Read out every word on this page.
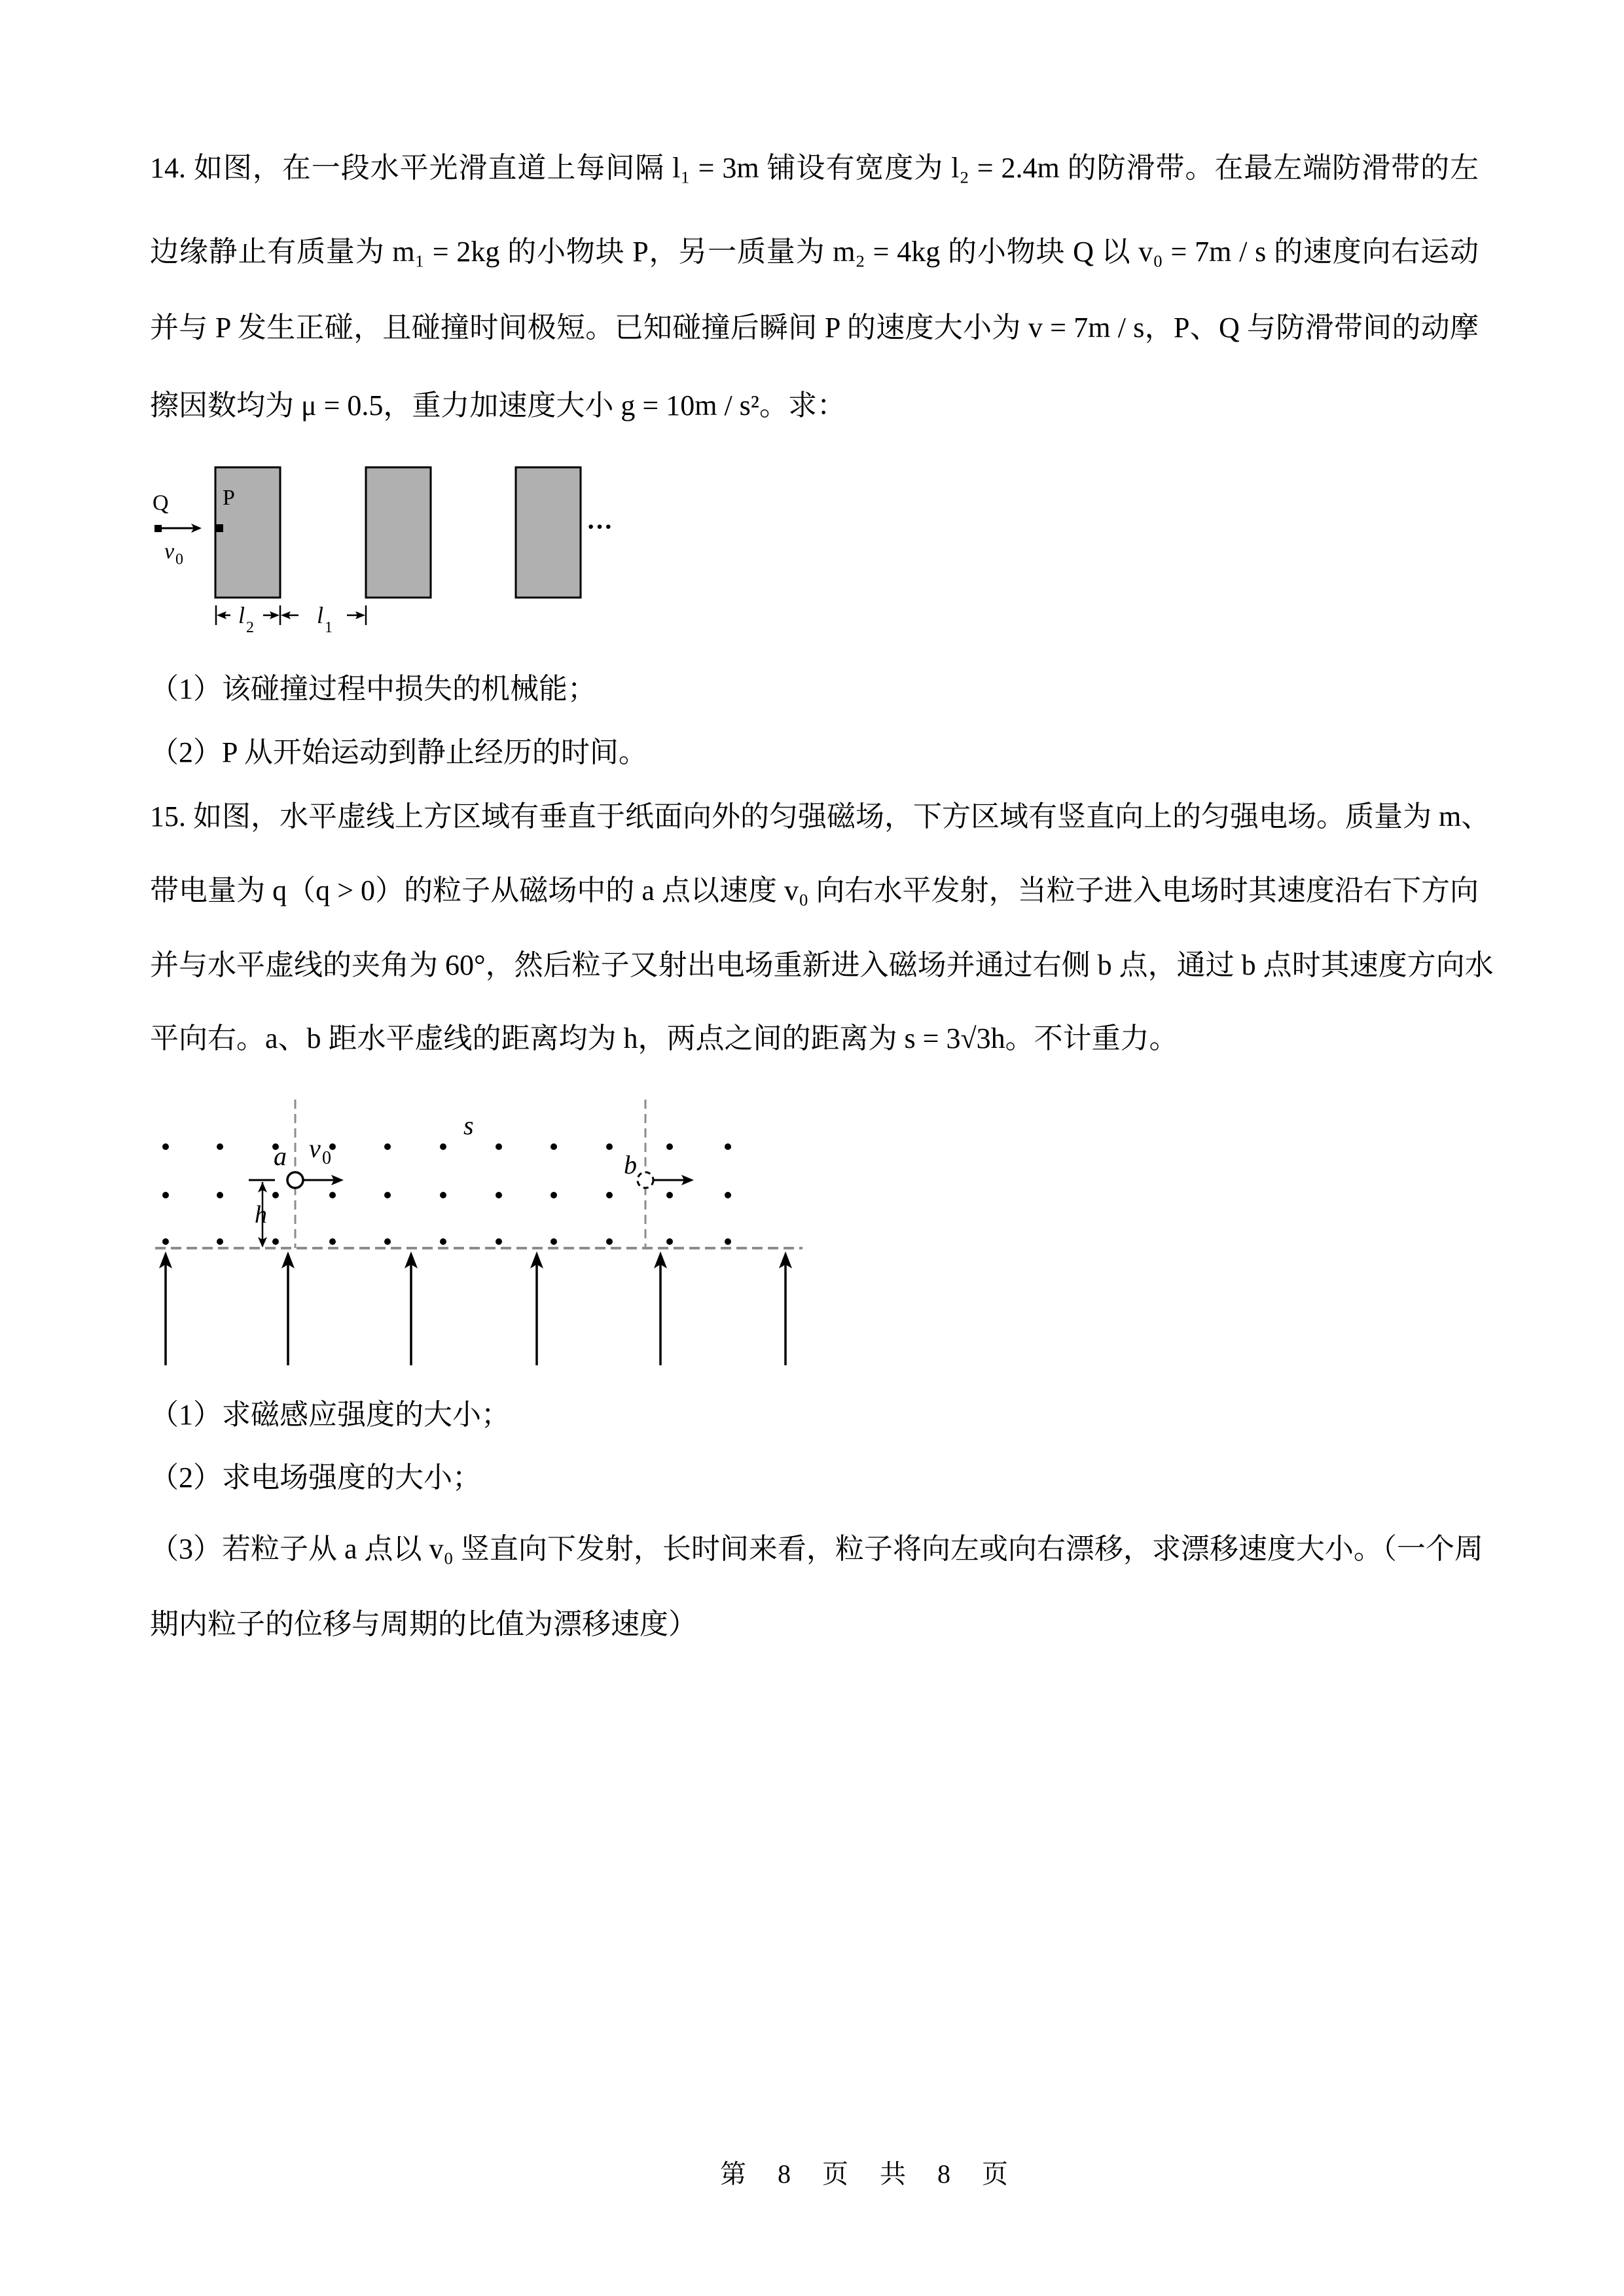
14. 如图，在一段水平光滑直道上每间隔 l₁ = 3m 铺设有宽度为 l₂ = 2.4m 的防滑带。在最左端防滑带的左
边缘静止有质量为 m₁ = 2kg 的小物块 P，另一质量为 m₂ = 4kg 的小物块 Q 以 v₀ = 7m / s 的速度向右运动
并与 P 发生正碰，且碰撞时间极短。已知碰撞后瞬间 P 的速度大小为 v = 7m / s，P、Q 与防滑带间的动摩
擦因数均为 μ = 0.5，重力加速度大小 g = 10m / s²。求：
···
Q P
v 0
l 2	l 1
（1）该碰撞过程中损失的机械能；
（2）P 从开始运动到静止经历的时间。
15. 如图，水平虚线上方区域有垂直于纸面向外的匀强磁场，下方区域有竖直向上的匀强电场。质量为 m、
带电量为 q（q > 0）的粒子从磁场中的 a 点以速度 v₀ 向右水平发射，当粒子进入电场时其速度沿右下方向
并与水平虚线的夹角为 60°，然后粒子又射出电场重新进入磁场并通过右侧 b 点，通过 b 点时其速度方向水
平向右。a、b 距水平虚线的距离均为 h，两点之间的距离为 s = 3√3h。不计重力。
a v 0	b
s
h
（1）求磁感应强度的大小；
（2）求电场强度的大小；
（3）若粒子从 a 点以 v₀ 竖直向下发射，长时间来看，粒子将向左或向右漂移，求漂移速度大小。（一个周
期内粒子的位移与周期的比值为漂移速度）
第 8 页 共 8 页
